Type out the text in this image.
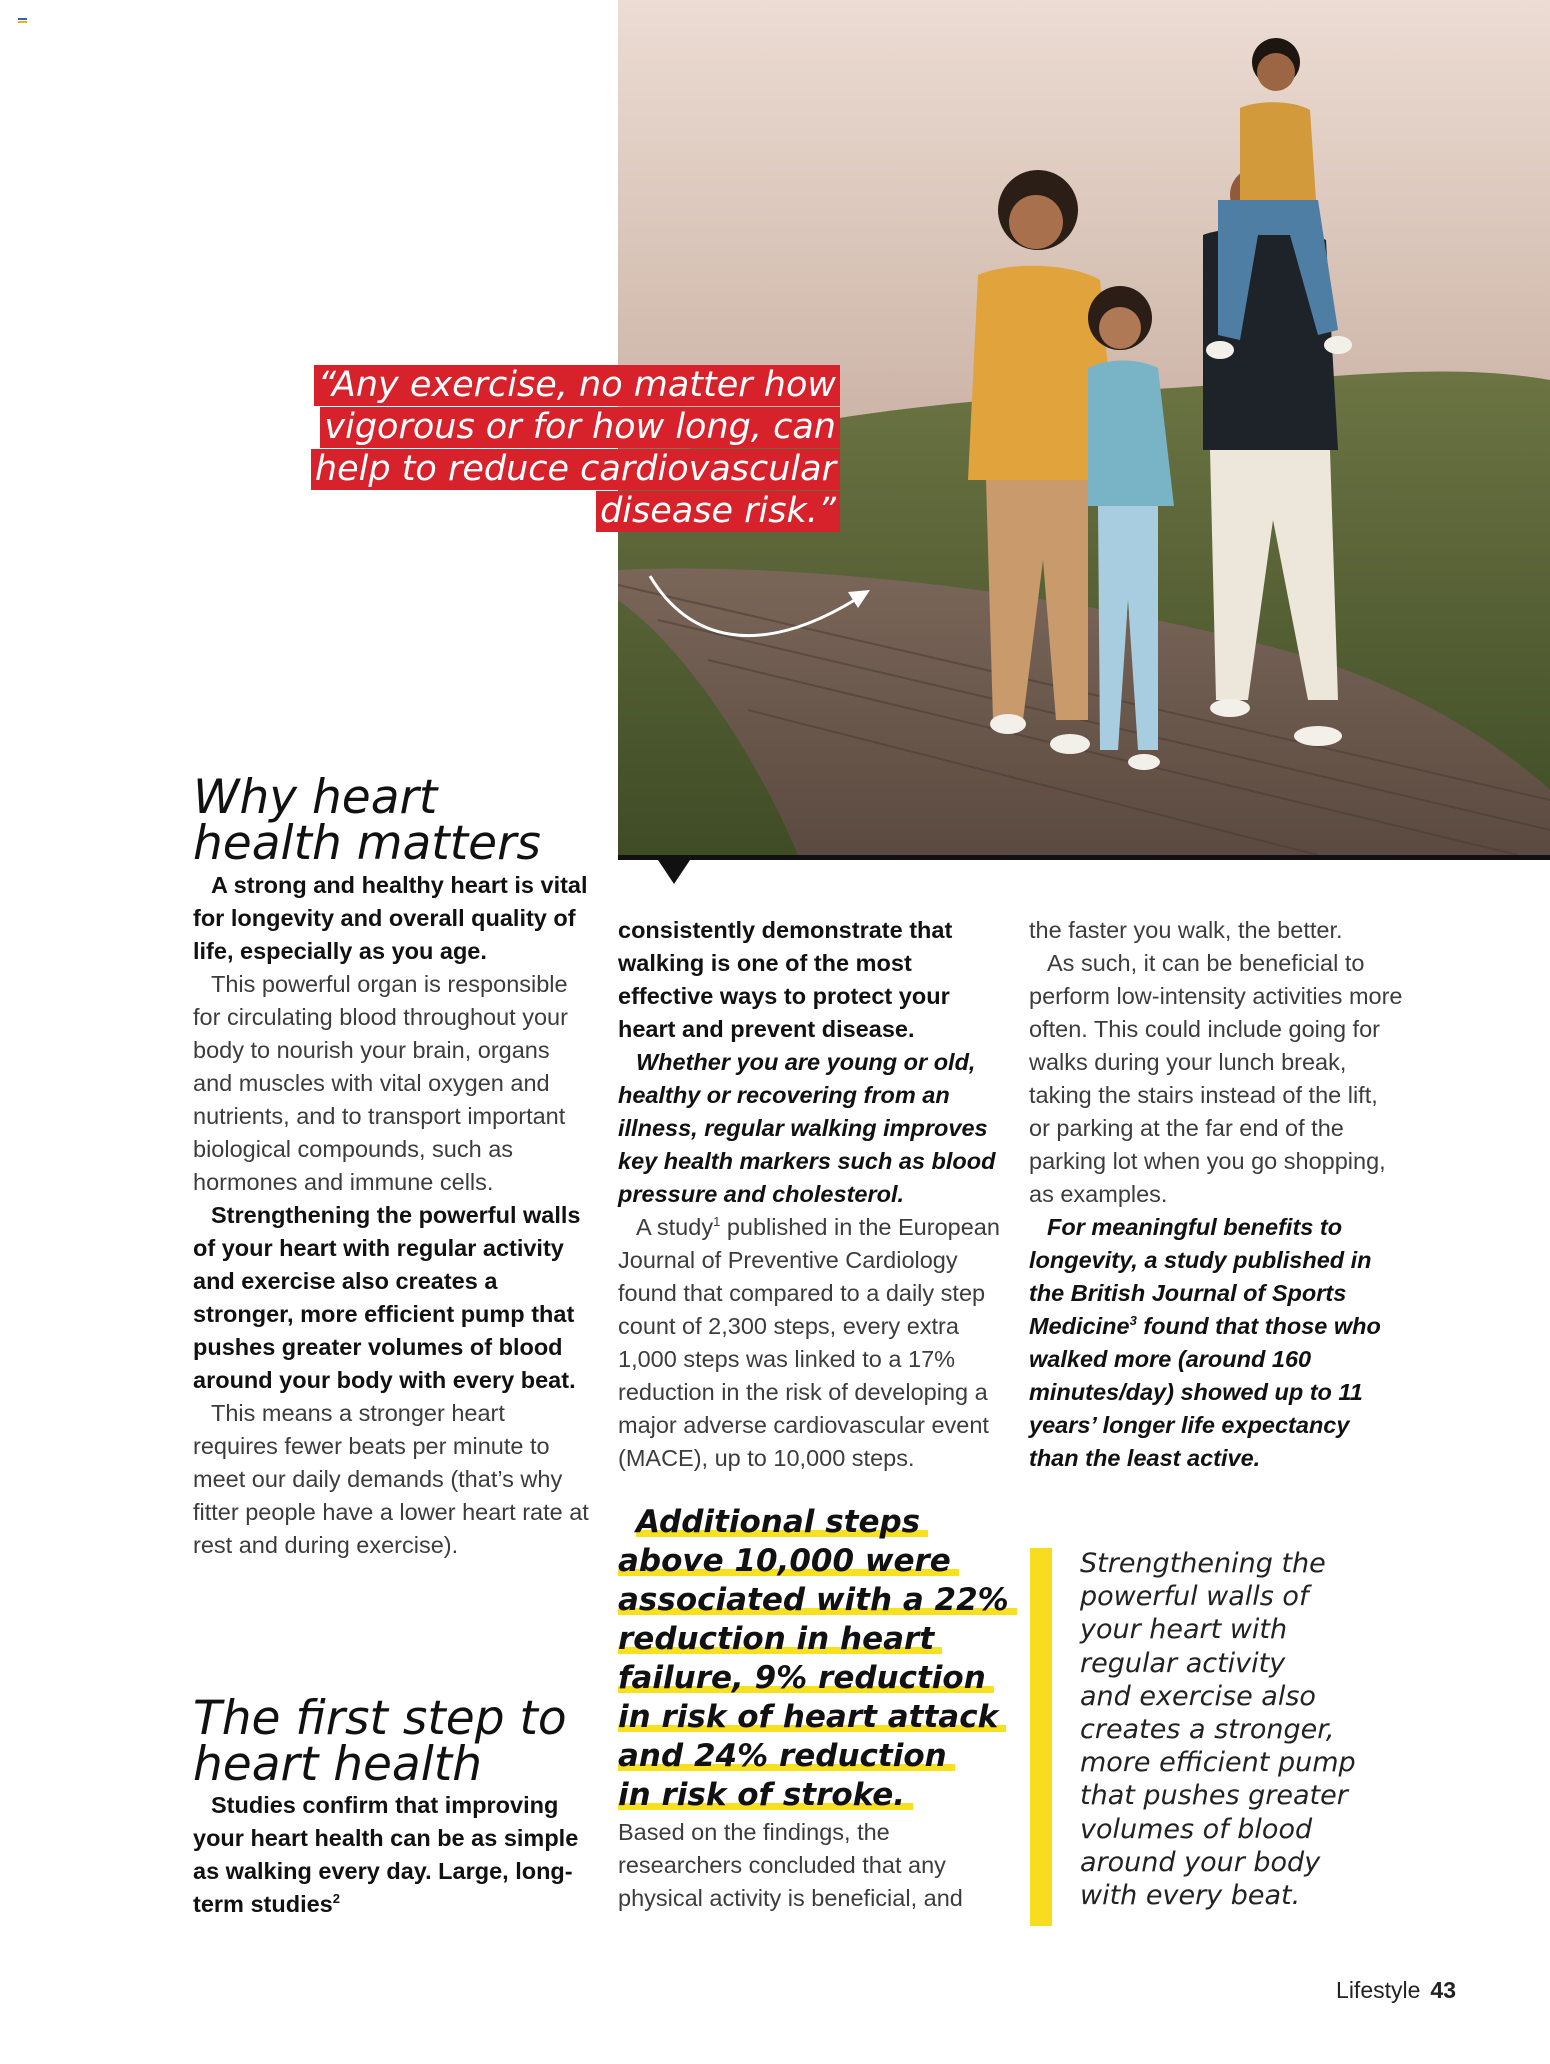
“Any exercise, no matter how
vigorous or for how long, can
help to reduce cardiovascular
disease risk.”
Why heart
health matters

A strong and healthy heart is vital for longevity and overall quality of life, especially as you age.

This powerful organ is responsible for circulating blood throughout your body to nourish your brain, organs and muscles with vital oxygen and nutrients, and to transport important biological compounds, such as hormones and immune cells.

Strengthening the powerful walls of your heart with regular activity and exercise also creates a stronger, more efficient pump that pushes greater volumes of blood around your body with every beat.

This means a stronger heart requires fewer beats per minute to meet our daily demands (that’s why fitter people have a lower heart rate at rest and during exercise).

The first step to
heart health

Studies confirm that improving your heart health can be as simple as walking every day. Large, long-term studies$^2$

consistently demonstrate that walking is one of the most effective ways to protect your heart and prevent disease.

Whether you are young or old, healthy or recovering from an illness, regular walking improves key health markers such as blood pressure and cholesterol.

A study$^1$ published in the European Journal of Preventive Cardiology found that compared to a daily step count of 2,300 steps, every extra 1,000 steps was linked to a 17% reduction in the risk of developing a major adverse cardiovascular event (MACE), up to 10,000 steps.

Additional steps
above 10,000 were
associated with a 22%
reduction in heart
failure, 9% reduction
in risk of heart attack
and 24% reduction
in risk of stroke.

Based on the findings, the researchers concluded that any physical activity is beneficial, and

the faster you walk, the better.

As such, it can be beneficial to perform low-intensity activities more often. This could include going for walks during your lunch break, taking the stairs instead of the lift, or parking at the far end of the parking lot when you go shopping, as examples.

For meaningful benefits to longevity, a study published in the British Journal of Sports Medicine$^3$ found that those who walked more (around 160 minutes/day) showed up to 11 years’ longer life expectancy than the least active.

Strengthening the
powerful walls of
your heart with
regular activity
and exercise also
creates a stronger,
more efficient pump
that pushes greater
volumes of blood
around your body
with every beat.
Lifestyle 43
